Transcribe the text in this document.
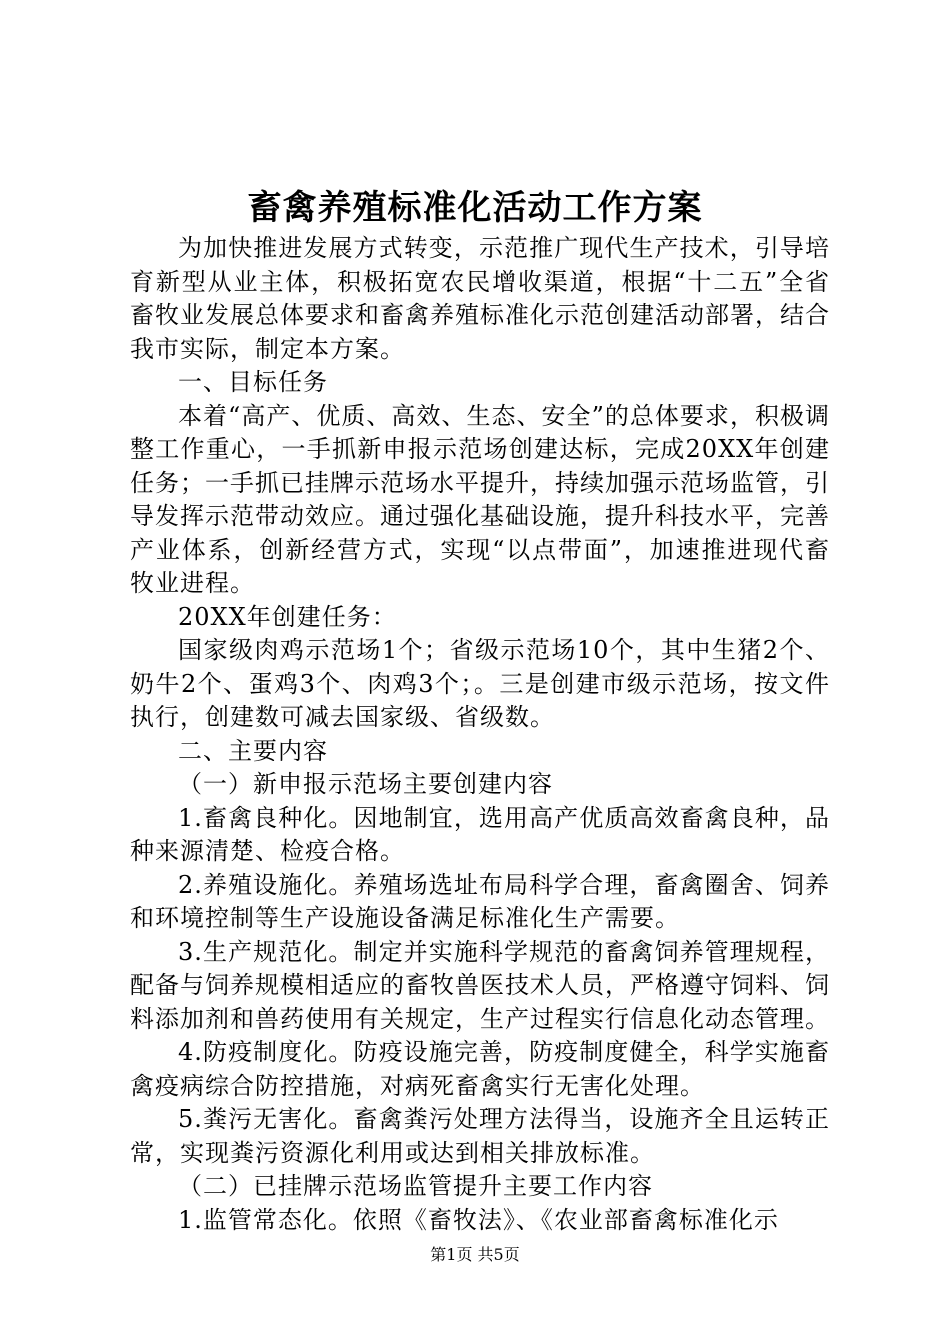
畜禽养殖标准化活动工作方案

为加快推进发展方式转变，示范推广现代生产技术，引导培育新型从业主体，积极拓宽农民增收渠道，根据“十二五”全省畜牧业发展总体要求和畜禽养殖标准化示范创建活动部署，结合我市实际，制定本方案。

一、目标任务

本着“高产、优质、高效、生态、安全”的总体要求，积极调整工作重心，一手抓新申报示范场创建达标，完成20XX年创建任务；一手抓已挂牌示范场水平提升，持续加强示范场监管，引导发挥示范带动效应。通过强化基础设施，提升科技水平，完善产业体系，创新经营方式，实现“以点带面”，加速推进现代畜牧业进程。

20XX年创建任务：

国家级肉鸡示范场1个；省级示范场10个，其中生猪2个、奶牛2个、蛋鸡3个、肉鸡3个；。三是创建市级示范场，按文件执行，创建数可减去国家级、省级数。

二、主要内容

（一）新申报示范场主要创建内容

1.畜禽良种化。因地制宜，选用高产优质高效畜禽良种，品种来源清楚、检疫合格。

2.养殖设施化。养殖场选址布局科学合理，畜禽圈舍、饲养和环境控制等生产设施设备满足标准化生产需要。

3.生产规范化。制定并实施科学规范的畜禽饲养管理规程，配备与饲养规模相适应的畜牧兽医技术人员，严格遵守饲料、饲料添加剂和兽药使用有关规定，生产过程实行信息化动态管理。

4.防疫制度化。防疫设施完善，防疫制度健全，科学实施畜禽疫病综合防控措施，对病死畜禽实行无害化处理。

5.粪污无害化。畜禽粪污处理方法得当，设施齐全且运转正常，实现粪污资源化利用或达到相关排放标准。

（二）已挂牌示范场监管提升主要工作内容

1.监管常态化。依照《畜牧法》、《农业部畜禽标准化示

第1页 共5页
